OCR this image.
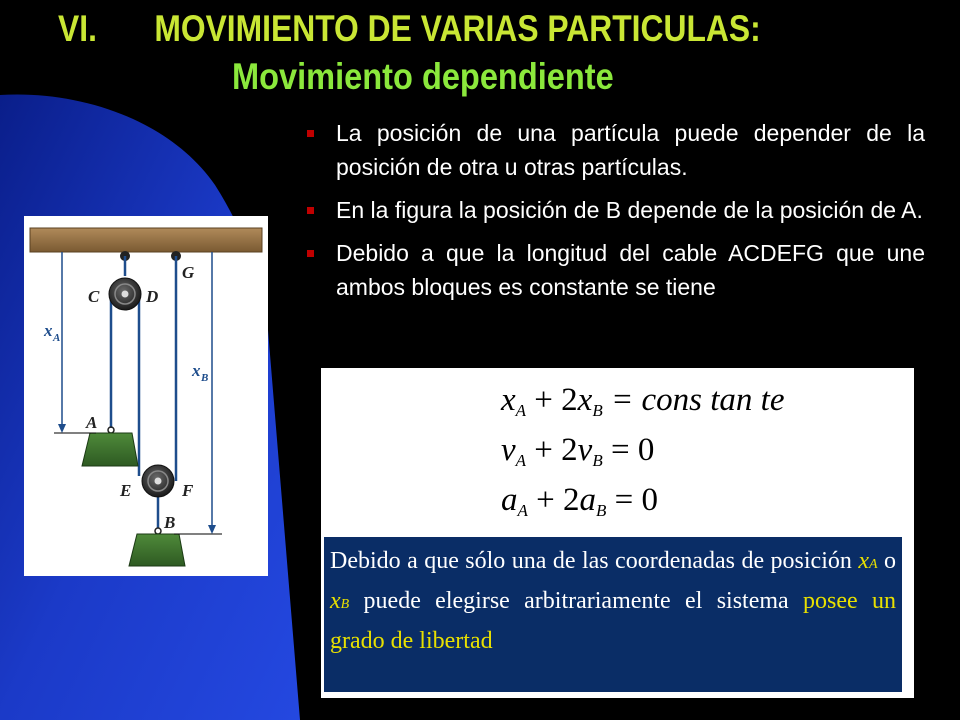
VI. MOVIMIENTO DE VARIAS PARTICULAS:
Movimiento dependiente
La posición de una partícula puede depender de la posición de otra u otras partículas.
En la figura la posición de B depende de la posición de A.
Debido a que la longitud del cable ACDEFG que une ambos bloques es constante se tiene
C	D
G
A
E	F
B
x A
x B
$x_A + 2x_B$ = cons tan te
$v_A + 2v_B = 0$
$a_A + 2a_B = 0$
Debido a que sólo una de las coordenadas de posición xA o xB puede elegirse arbitrariamente el sistema posee un grado de libertad
